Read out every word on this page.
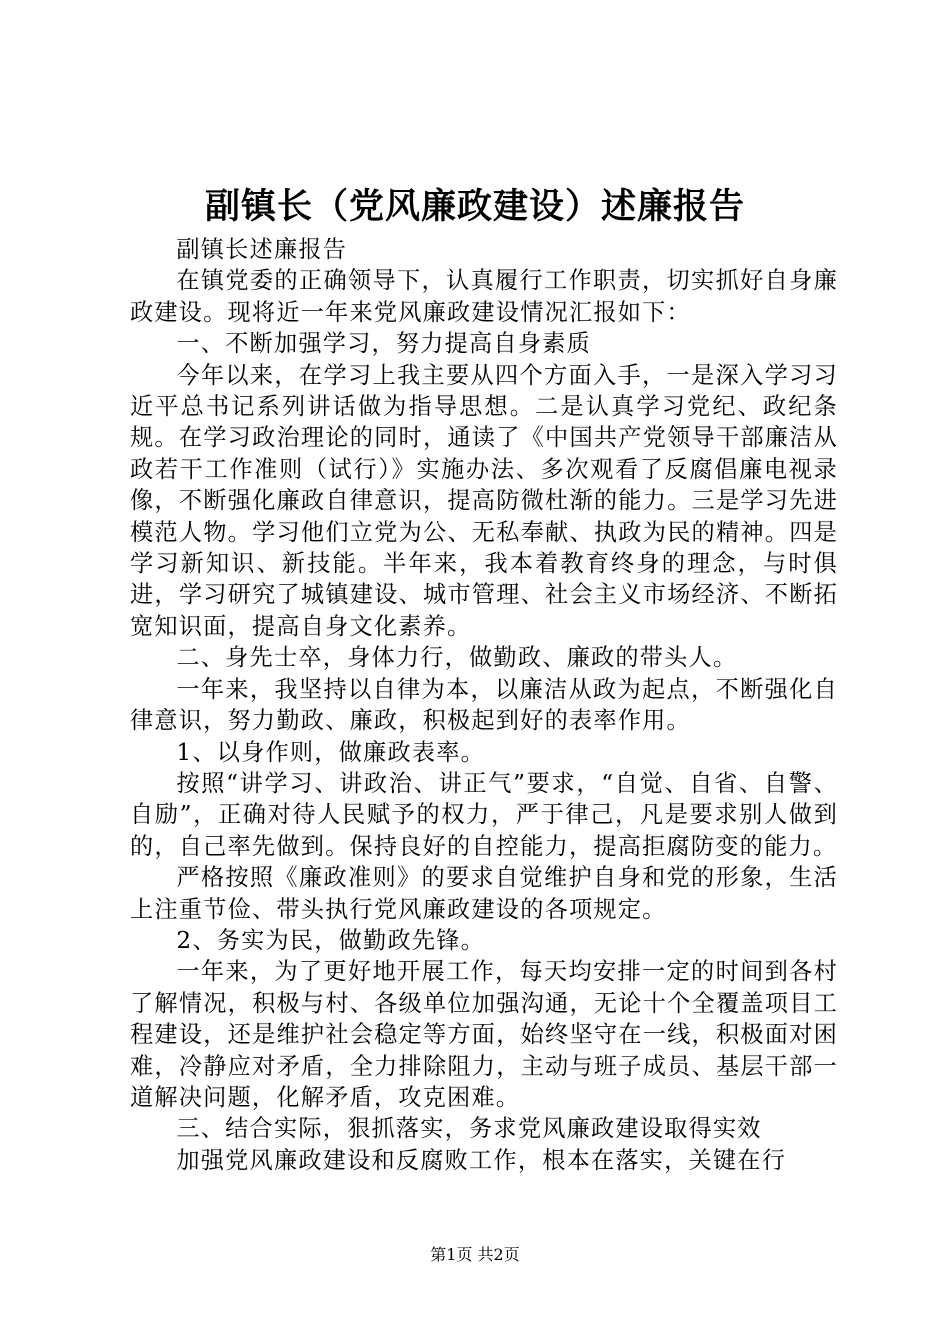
副镇长（党风廉政建设）述廉报告

副镇长述廉报告

在镇党委的正确领导下，认真履行工作职责，切实抓好自身廉政建设。现将近一年来党风廉政建设情况汇报如下：

一、不断加强学习，努力提高自身素质

今年以来，在学习上我主要从四个方面入手，一是深入学习习近平总书记系列讲话做为指导思想。二是认真学习党纪、政纪条规。在学习政治理论的同时，通读了《中国共产党领导干部廉洁从政若干工作准则（试行）》实施办法、多次观看了反腐倡廉电视录像，不断强化廉政自律意识，提高防微杜渐的能力。三是学习先进模范人物。学习他们立党为公、无私奉献、执政为民的精神。四是学习新知识、新技能。半年来，我本着教育终身的理念，与时俱进，学习研究了城镇建设、城市管理、社会主义市场经济、不断拓宽知识面，提高自身文化素养。

二、身先士卒，身体力行，做勤政、廉政的带头人。

一年来，我坚持以自律为本，以廉洁从政为起点，不断强化自律意识，努力勤政、廉政，积极起到好的表率作用。

1、以身作则，做廉政表率。

按照“讲学习、讲政治、讲正气”要求，“自觉、自省、自警、自励”，正确对待人民赋予的权力，严于律己，凡是要求别人做到的，自己率先做到。保持良好的自控能力，提高拒腐防变的能力。

严格按照《廉政准则》的要求自觉维护自身和党的形象，生活上注重节俭、带头执行党风廉政建设的各项规定。

2、务实为民，做勤政先锋。

一年来，为了更好地开展工作，每天均安排一定的时间到各村了解情况，积极与村、各级单位加强沟通，无论十个全覆盖项目工程建设，还是维护社会稳定等方面，始终坚守在一线，积极面对困难，冷静应对矛盾，全力排除阻力，主动与班子成员、基层干部一道解决问题，化解矛盾，攻克困难。

三、结合实际，狠抓落实，务求党风廉政建设取得实效

加强党风廉政建设和反腐败工作，根本在落实，关键在行

第1页 共2页
